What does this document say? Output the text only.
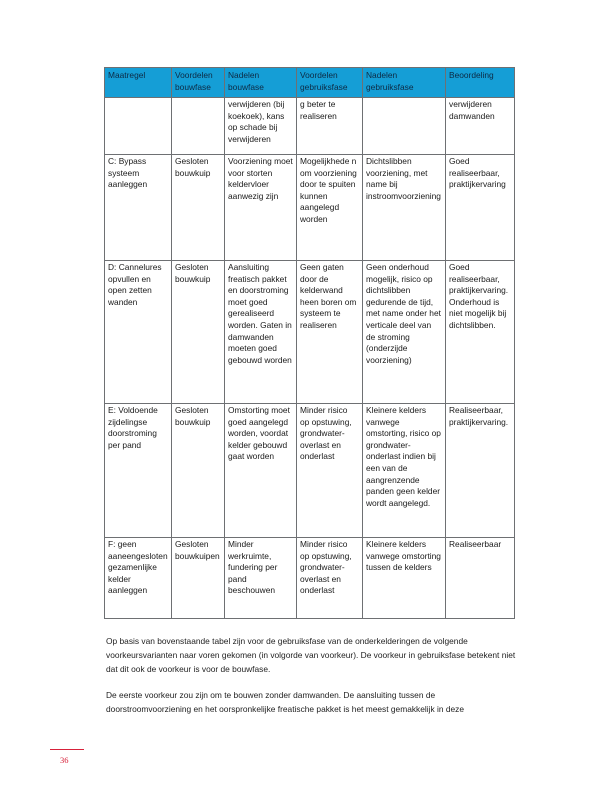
Maatregel	Voordelen bouwfase	Nadelen bouwfase	Voordelen gebruiksfase	Nadelen gebruiksfase	Beoordeling
		verwijderen (bij koekoek), kans op schade bij verwijderen	g beter te realiseren		verwijderen damwanden
C: Bypass systeem aanleggen	Gesloten bouwkuip	Voorziening moet voor storten keldervloer aanwezig zijn	Mogelijkhede n om voorziening door te spuiten kunnen aangelegd worden	Dichtslibben voorziening, met name bij instroomvoorziening	Goed realiseerbaar, praktijkervaring
D: Cannelures opvullen en open zetten wanden	Gesloten bouwkuip	Aansluiting freatisch pakket en doorstroming moet goed gerealiseerd worden. Gaten in damwanden moeten goed gebouwd worden	Geen gaten door de kelderwand heen boren om systeem te realiseren	Geen onderhoud mogelijk, risico op dichtslibben gedurende de tijd, met name onder het verticale deel van de stroming (onderzijde voorziening)	Goed realiseerbaar, praktijkervaring. Onderhoud is niet mogelijk bij dichtslibben.
E: Voldoende zijdelingse doorstroming per pand	Gesloten bouwkuip	Omstorting moet goed aangelegd worden, voordat kelder gebouwd gaat worden	Minder risico op opstuwing, grondwater-overlast en onderlast	Kleinere kelders vanwege omstorting, risico op grondwater-onderlast indien bij een van de aangrenzende panden geen kelder wordt aangelegd.	Realiseerbaar, praktijkervaring.
F: geen aaneengesloten gezamenlijke kelder aanleggen	Gesloten bouwkuipen	Minder werkruimte, fundering per pand beschouwen	Minder risico op opstuwing, grondwater-overlast en onderlast	Kleinere kelders vanwege omstorting tussen de kelders	Realiseerbaar

Op basis van bovenstaande tabel zijn voor de gebruiksfase van de onderkelderingen de volgende voorkeursvarianten naar voren gekomen (in volgorde van voorkeur). De voorkeur in gebruiksfase betekent niet dat dit ook de voorkeur is voor de bouwfase.

De eerste voorkeur zou zijn om te bouwen zonder damwanden. De aansluiting tussen de doorstroomvoorziening en het oorspronkelijke freatische pakket is het meest gemakkelijk in deze

36
